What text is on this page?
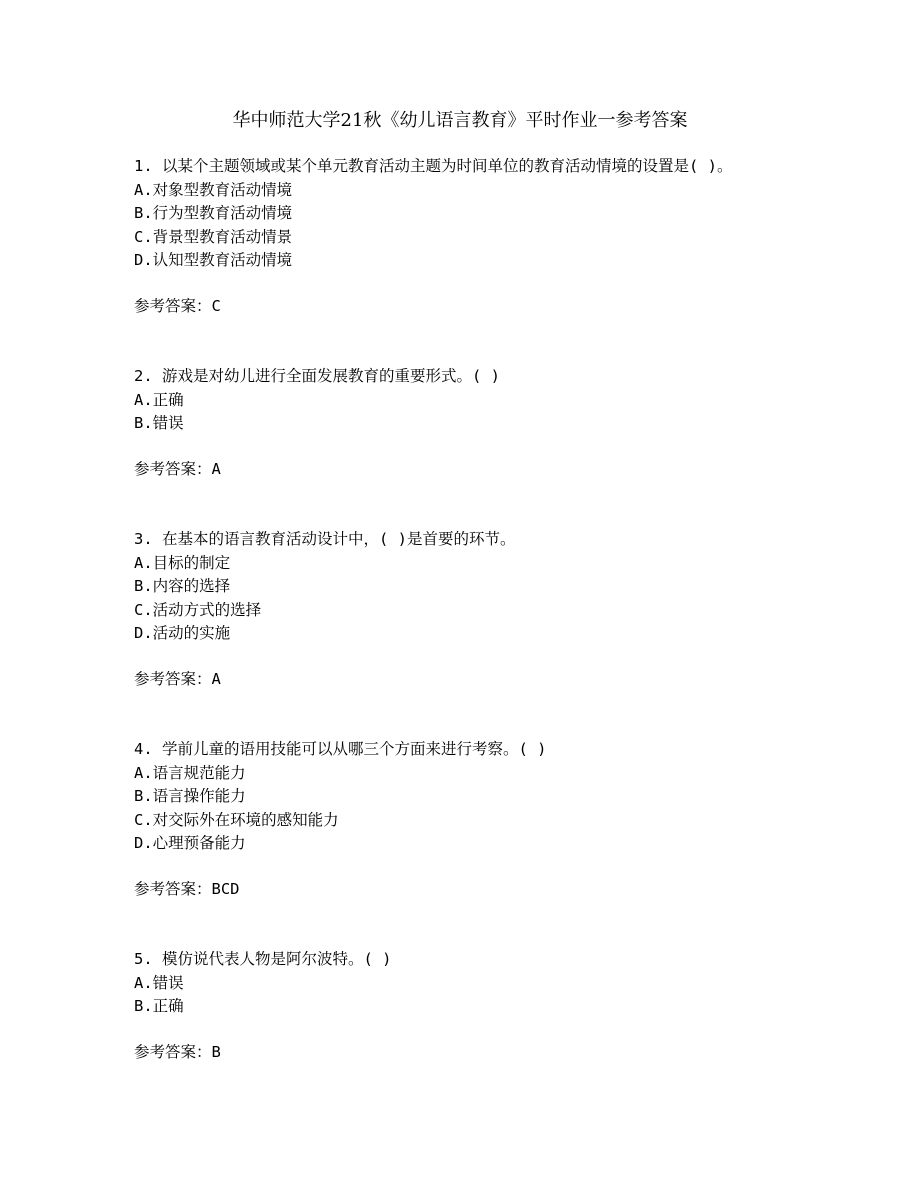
华中师范大学21秋《幼儿语言教育》平时作业一参考答案
1. 以某个主题领域或某个单元教育活动主题为时间单位的教育活动情境的设置是( )。
A.对象型教育活动情境
B.行为型教育活动情境
C.背景型教育活动情景
D.认知型教育活动情境
参考答案：C
2. 游戏是对幼儿进行全面发展教育的重要形式。( )
A.正确
B.错误
参考答案：A
3. 在基本的语言教育活动设计中，( )是首要的环节。
A.目标的制定
B.内容的选择
C.活动方式的选择
D.活动的实施
参考答案：A
4. 学前儿童的语用技能可以从哪三个方面来进行考察。( )
A.语言规范能力
B.语言操作能力
C.对交际外在环境的感知能力
D.心理预备能力
参考答案：BCD
5. 模仿说代表人物是阿尔波特。( )
A.错误
B.正确
参考答案：B
